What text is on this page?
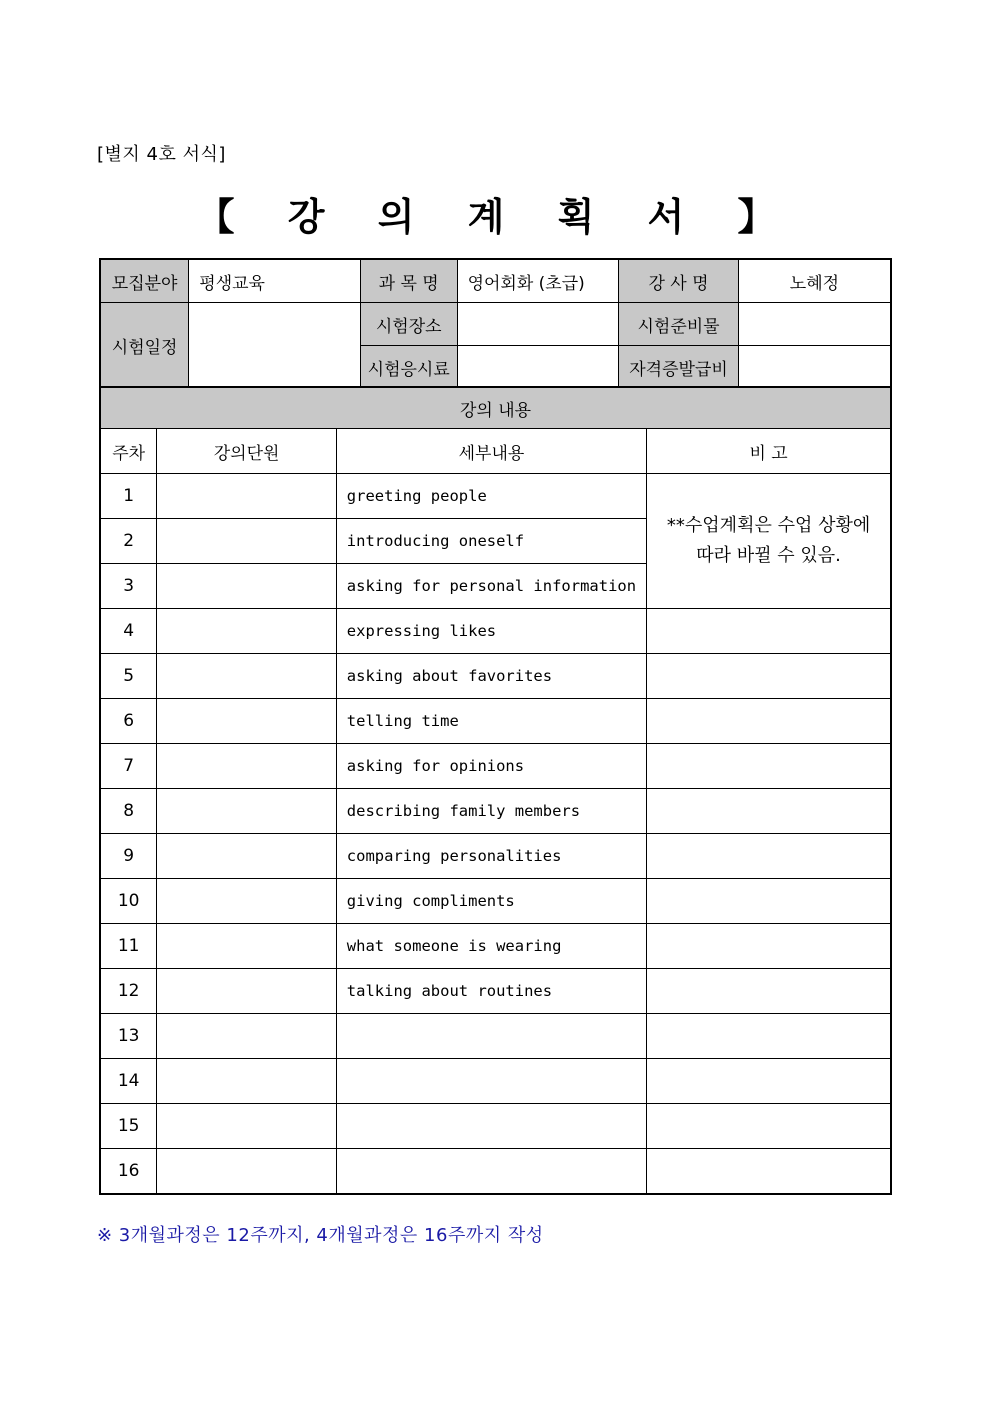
[별지 4호 서식]
【 강 의 계 획 서 】
모집분야	평생교육	과 목 명	영어회화 (초급)	강 사 명	노혜정
시험일정		시험장소		시험준비물	
		시험응시료		자격증발급비	
강의 내용			
주차	강의단원	세부내용	비 고
1		greeting people	**수업계획은 수업 상황에 따라 바뀔 수 있음.
2		introducing oneself	
3		asking for personal information	
4		expressing likes	
5		asking about favorites	
6		telling time	
7		asking for opinions	
8		describing family members	
9		comparing personalities	
10		giving compliments	
11		what someone is wearing	
12		talking about routines	
13			
14			
15			
16			
※ 3개월과정은 12주까지, 4개월과정은 16주까지 작성
